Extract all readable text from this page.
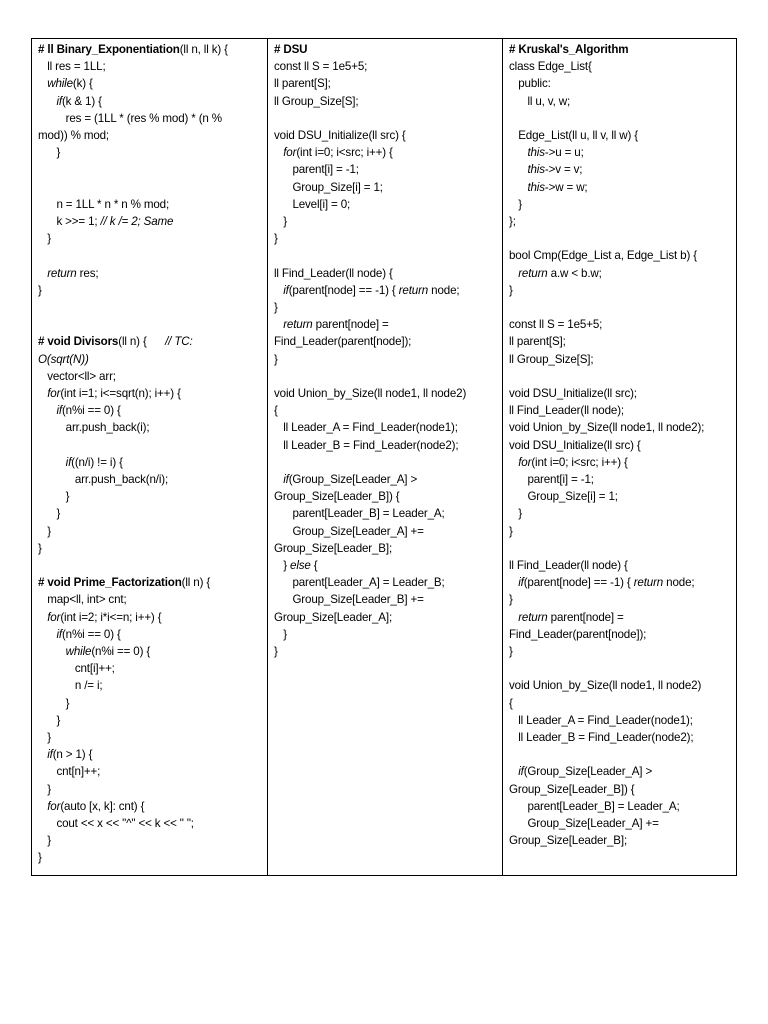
# ll Binary_Exponentiation(ll n, ll k) {
ll res = 1LL;
while(k) {
if(k & 1) {
res = (1LL * (res % mod) * (n %
mod)) % mod;
}
n = 1LL * n * n % mod;
k >>= 1; // k /= 2; Same
}
return res;
}
# void Divisors(ll n) {      // TC:
O(sqrt(N))
vector<ll> arr;
for(int i=1; i<=sqrt(n); i++) {
if(n%i == 0) {
arr.push_back(i);
if((n/i) != i) {
arr.push_back(n/i);
}
}
}
}
# void Prime_Factorization(ll n) {
map<ll, int> cnt;
for(int i=2; i*i<=n; i++) {
if(n%i == 0) {
while(n%i == 0) {
cnt[i]++;
n /= i;
}
}
}
if(n > 1) {
cnt[n]++;
}
for(auto [x, k]: cnt) {
cout << x << "^" << k << " ";
}
}
# DSU
const ll S = 1e5+5;
ll parent[S];
ll Group_Size[S];
void DSU_Initialize(ll src) {
for(int i=0; i<src; i++) {
parent[i] = -1;
Group_Size[i] = 1;
Level[i] = 0;
}
}
ll Find_Leader(ll node) {
if(parent[node] == -1) { return node;
}
return parent[node] =
Find_Leader(parent[node]);
}
void Union_by_Size(ll node1, ll node2)
{
ll Leader_A = Find_Leader(node1);
ll Leader_B = Find_Leader(node2);
if(Group_Size[Leader_A] >
Group_Size[Leader_B]) {
parent[Leader_B] = Leader_A;
Group_Size[Leader_A] +=
Group_Size[Leader_B];
} else {
parent[Leader_A] = Leader_B;
Group_Size[Leader_B] +=
Group_Size[Leader_A];
}
}
# Kruskal's_Algorithm
class Edge_List{
public:
ll u, v, w;
Edge_List(ll u, ll v, ll w) {
this->u = u;
this->v = v;
this->w = w;
}
};
bool Cmp(Edge_List a, Edge_List b) {
return a.w < b.w;
}
const ll S = 1e5+5;
ll parent[S];
ll Group_Size[S];
void DSU_Initialize(ll src);
ll Find_Leader(ll node);
void Union_by_Size(ll node1, ll node2);
void DSU_Initialize(ll src) {
for(int i=0; i<src; i++) {
parent[i] = -1;
Group_Size[i] = 1;
}
}
ll Find_Leader(ll node) {
if(parent[node] == -1) { return node;
}
return parent[node] =
Find_Leader(parent[node]);
}
void Union_by_Size(ll node1, ll node2)
{
ll Leader_A = Find_Leader(node1);
ll Leader_B = Find_Leader(node2);
if(Group_Size[Leader_A] >
Group_Size[Leader_B]) {
parent[Leader_B] = Leader_A;
Group_Size[Leader_A] +=
Group_Size[Leader_B];
